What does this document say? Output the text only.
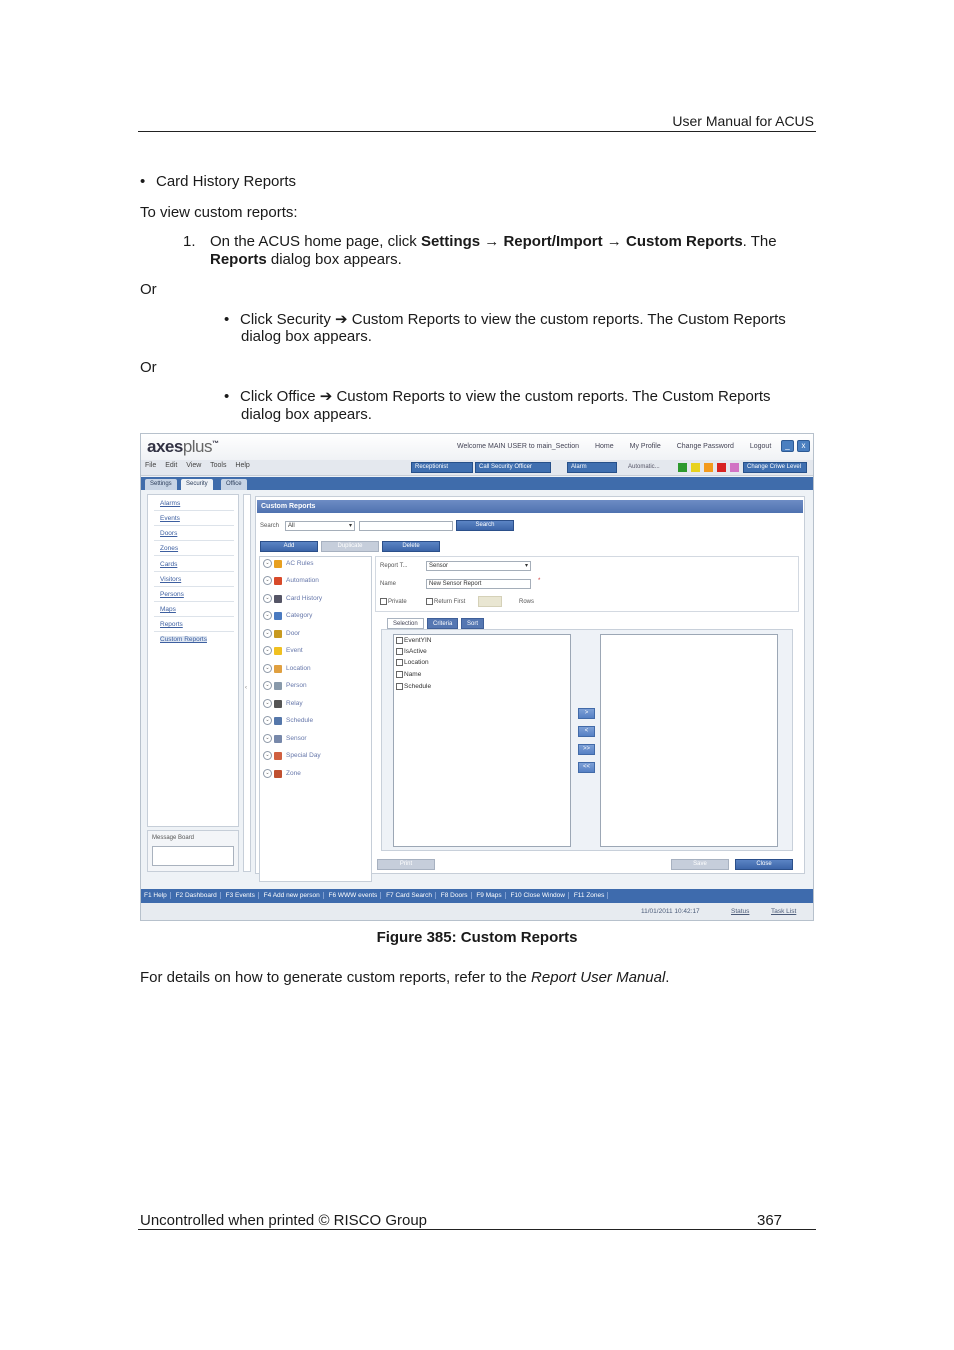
User Manual for ACUS
• Card History Reports
To view custom reports:
1. On the ACUS home page, click Settings → Report/Import → Custom Reports. The
Reports dialog box appears.
Or
• Click Security ➔ Custom Reports to view the custom reports. The Custom Reports
dialog box appears.
Or
• Click Office ➔ Custom Reports to view the custom reports. The Custom Reports
dialog box appears.
axesplus™	Welcome MAIN USER to main_Section Home My Profile Change Password Logout	_	x
File Edit View Tools Help	Receptionist	Call Security Officer	Alarm	Automatic...	Change Criwe Level
Settings	Security	Office
Alarms
Events
Doors
Zones
Cards
Visitors
Persons
Maps
Reports
Custom Reports
Message Board
‹
Custom Reports
Search	All	▾	Search
Add	Duplicate	Delete
⌄	AC Rules
⌄	Automation
⌄	Card History
⌄	Category
⌄	Door
⌄	Event
⌄	Location
⌄	Person
⌄	Relay
⌄	Schedule
⌄	Sensor
⌄	Special Day
⌄	Zone
Report T...	Sensor	▾
Name	New Sensor Report	*
Private	Return First	Rows
Selection	Criteria	Sort
EventYIN
IsActive
Location
Name
Schedule
>
<
>>
<<
Print	Save	Close
F1 Help F2 Dashboard F3 Events F4 Add new person F6 WWW events F7 Card Search F8 Doors F9 Maps F10 Close Window F11 Zones
11/01/2011 10:42:17	Status	Task List
Figure 385: Custom Reports
For details on how to generate custom reports, refer to the Report User Manual.
Uncontrolled when printed © RISCO Group	367
